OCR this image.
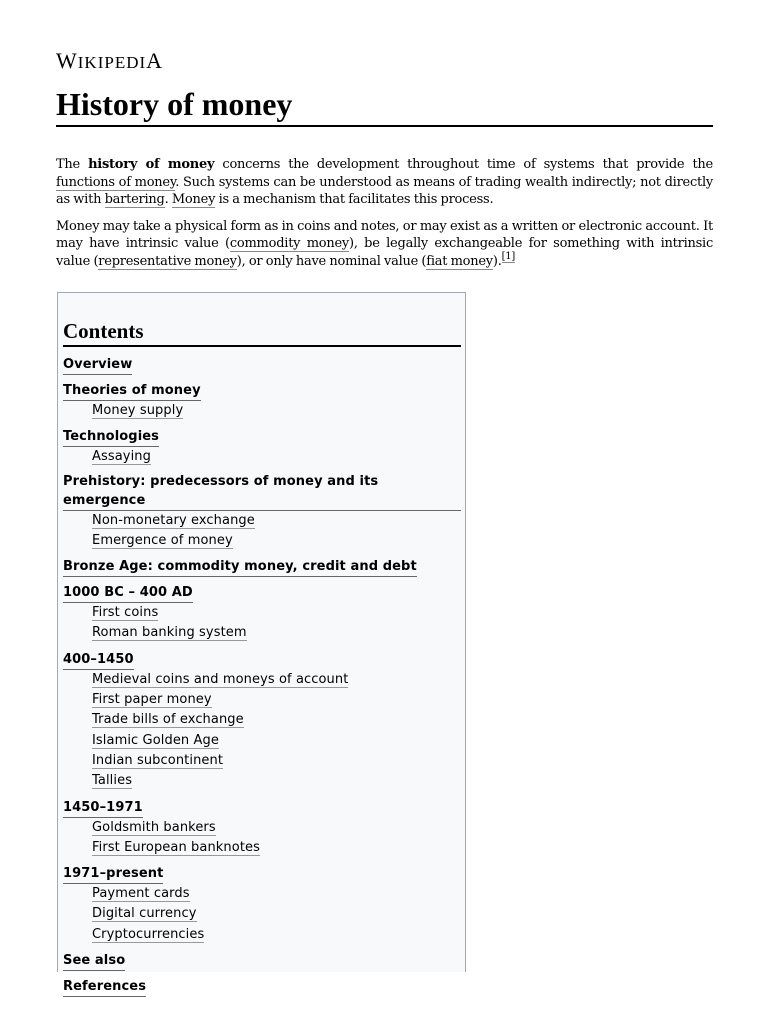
WIKIPEDIA
History of money

The history of money concerns the development throughout time of systems that provide the functions of money. Such systems can be understood as means of trading wealth indirectly; not directly as with bartering. Money is a mechanism that facilitates this process.

Money may take a physical form as in coins and notes, or may exist as a written or electronic account. It may have intrinsic value (commodity money), be legally exchangeable for something with intrinsic value (representative money), or only have nominal value (fiat money).[1]

Contents
Overview
Theories of money
Money supply
Technologies
Assaying
Prehistory: predecessors of money and its emergence
Non-monetary exchange
Emergence of money
Bronze Age: commodity money, credit and debt
1000 BC – 400 AD
First coins
Roman banking system
400–1450
Medieval coins and moneys of account
First paper money
Trade bills of exchange
Islamic Golden Age
Indian subcontinent
Tallies
1450–1971
Goldsmith bankers
First European banknotes
1971–present
Payment cards
Digital currency
Cryptocurrencies
See also
References
